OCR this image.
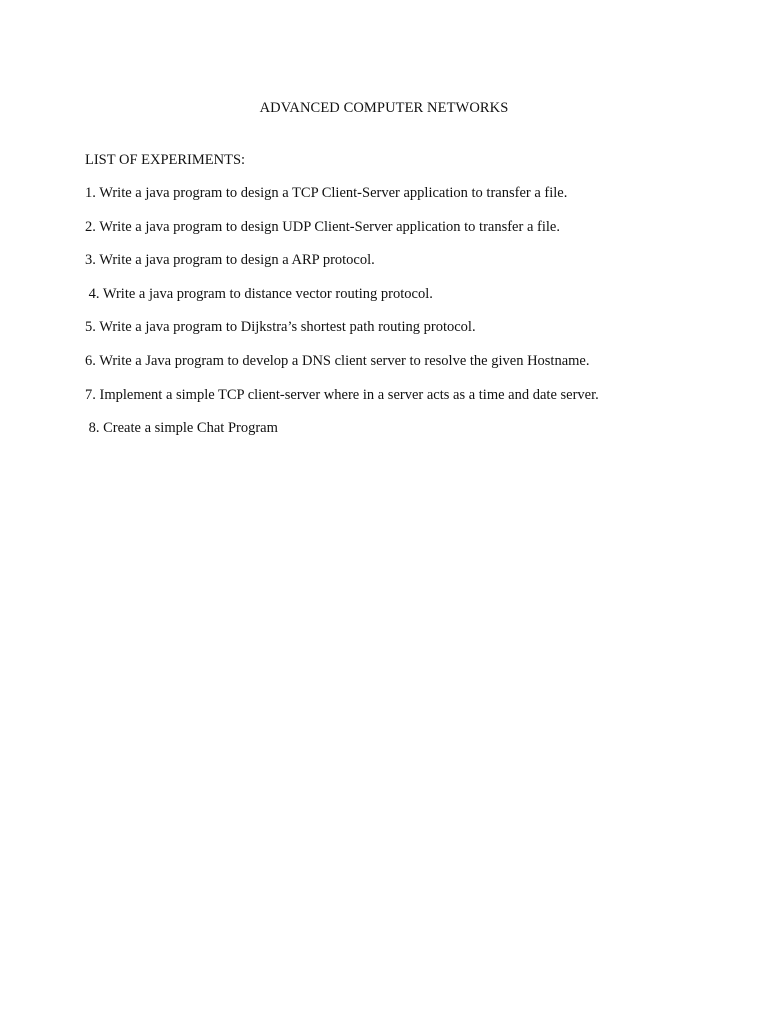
ADVANCED COMPUTER NETWORKS
LIST OF EXPERIMENTS:
1. Write a java program to design a TCP Client-Server application to transfer a file.
2. Write a java program to design UDP Client-Server application to transfer a file.
3. Write a java program to design a ARP protocol.
4. Write a java program to distance vector routing protocol.
5. Write a java program to Dijkstra’s shortest path routing protocol.
6. Write a Java program to develop a DNS client server to resolve the given Hostname.
7. Implement a simple TCP client-server where in a server acts as a time and date server.
8. Create a simple Chat Program
